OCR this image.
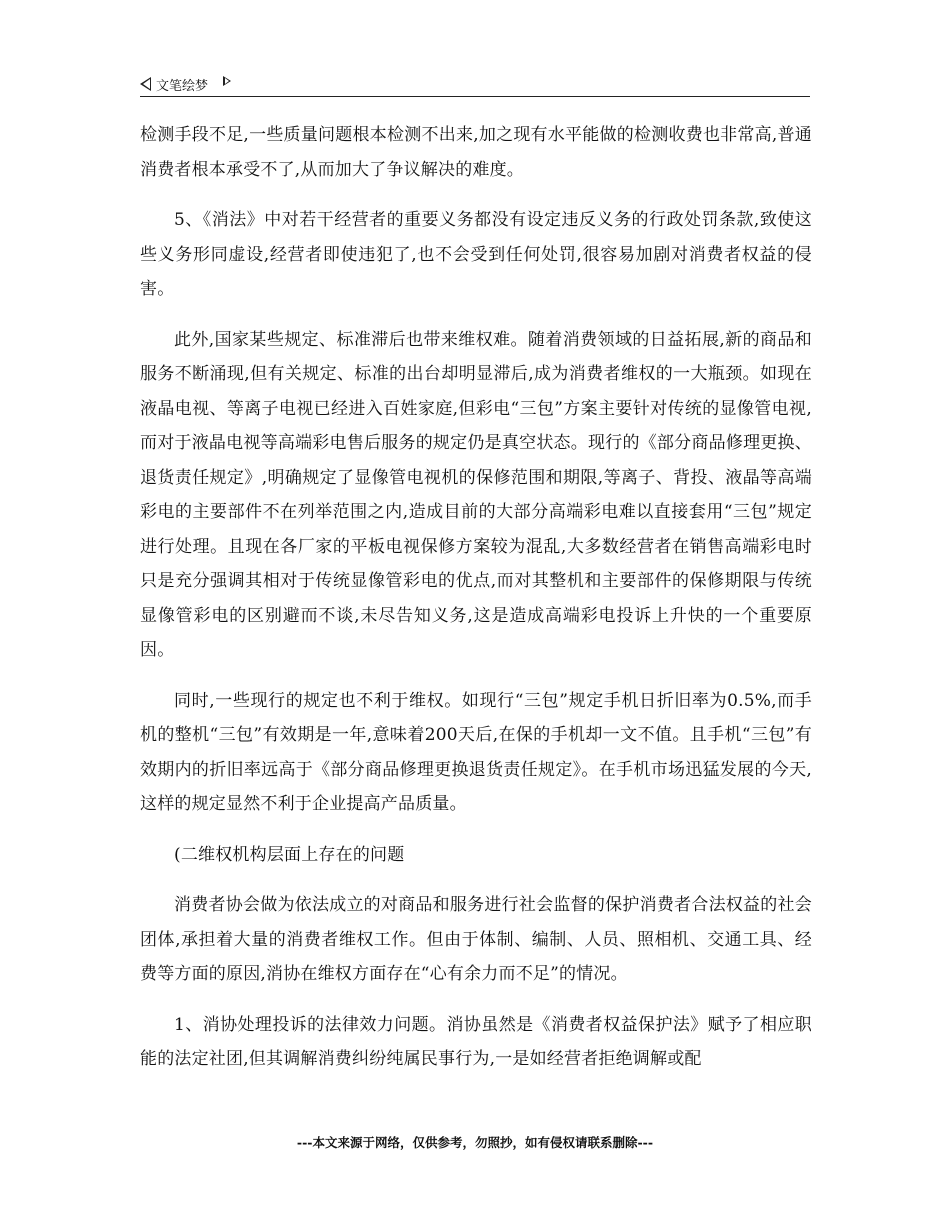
文笔绘梦

检测手段不足,一些质量问题根本检测不出来,加之现有水平能做的检测收费也非常高,普通消费者根本承受不了,从而加大了争议解决的难度。

5、《消法》中对若干经营者的重要义务都没有设定违反义务的行政处罚条款,致使这些义务形同虚设,经营者即使违犯了,也不会受到任何处罚,很容易加剧对消费者权益的侵害。

此外,国家某些规定、标准滞后也带来维权难。随着消费领域的日益拓展,新的商品和服务不断涌现,但有关规定、标准的出台却明显滞后,成为消费者维权的一大瓶颈。如现在液晶电视、等离子电视已经进入百姓家庭,但彩电“三包”方案主要针对传统的显像管电视,而对于液晶电视等高端彩电售后服务的规定仍是真空状态。现行的《部分商品修理更换、退货责任规定》,明确规定了显像管电视机的保修范围和期限,等离子、背投、液晶等高端彩电的主要部件不在列举范围之内,造成目前的大部分高端彩电难以直接套用“三包”规定进行处理。且现在各厂家的平板电视保修方案较为混乱,大多数经营者在销售高端彩电时只是充分强调其相对于传统显像管彩电的优点,而对其整机和主要部件的保修期限与传统显像管彩电的区别避而不谈,未尽告知义务,这是造成高端彩电投诉上升快的一个重要原因。

同时,一些现行的规定也不利于维权。如现行“三包”规定手机日折旧率为0.5%,而手机的整机“三包”有效期是一年,意味着200天后,在保的手机却一文不值。且手机“三包”有效期内的折旧率远高于《部分商品修理更换退货责任规定》。在手机市场迅猛发展的今天,这样的规定显然不利于企业提高产品质量。

(二维权机构层面上存在的问题

消费者协会做为依法成立的对商品和服务进行社会监督的保护消费者合法权益的社会团体,承担着大量的消费者维权工作。但由于体制、编制、人员、照相机、交通工具、经费等方面的原因,消协在维权方面存在“心有余力而不足”的情况。

1、消协处理投诉的法律效力问题。消协虽然是《消费者权益保护法》赋予了相应职能的法定社团,但其调解消费纠纷纯属民事行为,一是如经营者拒绝调解或配

---本文来源于网络，仅供参考，勿照抄，如有侵权请联系删除---
